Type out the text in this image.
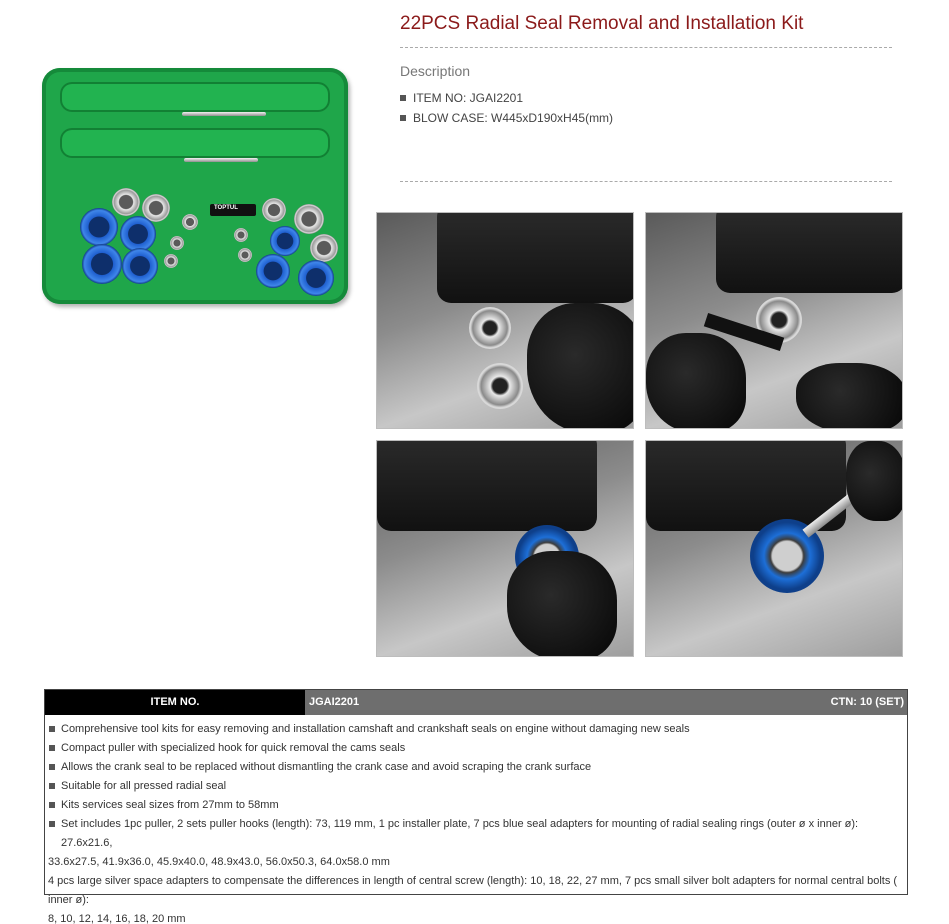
TOPTUL
22PCS Radial Seal Removal and Installation Kit
Description
ITEM NO: JGAI2201
BLOW CASE: W445xD190xH45(mm)
ITEM NO.	JGAI2201	CTN: 10 (SET)

Comprehensive tool kits for easy removing and installation camshaft and crankshaft seals on engine without damaging new seals

Compact puller with specialized hook for quick removal the cams seals

Allows the crank seal to be replaced without dismantling the crank case and avoid scraping the crank surface

Suitable for all pressed radial seal

Kits services seal sizes from 27mm to 58mm

Set includes 1pc puller, 2 sets puller hooks (length): 73, 119 mm, 1 pc installer plate, 7 pcs blue seal adapters for mounting of radial sealing rings (outer ø x inner ø): 27.6x21.6,

33.6x27.5, 41.9x36.0, 45.9x40.0, 48.9x43.0, 56.0x50.3, 64.0x58.0 mm

4 pcs large silver space adapters to compensate the differences in length of central screw (length): 10, 18, 22, 27 mm, 7 pcs small silver bolt adapters for normal central bolts ( inner ø):

8, 10, 12, 14, 16, 18, 20 mm
